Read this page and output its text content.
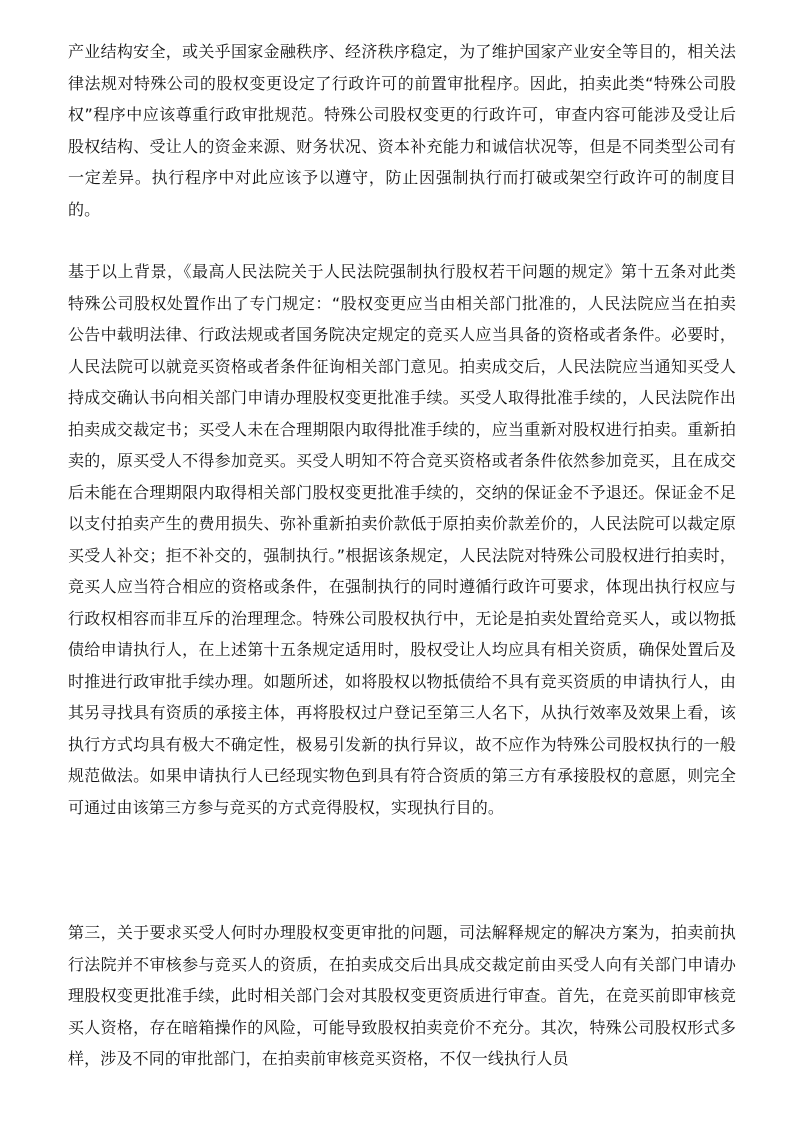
产业结构安全，或关乎国家金融秩序、经济秩序稳定，为了维护国家产业安全等目的，相关法律法规对特殊公司的股权变更设定了行政许可的前置审批程序。因此，拍卖此类“特殊公司股权”程序中应该尊重行政审批规范。特殊公司股权变更的行政许可，审查内容可能涉及受让后股权结构、受让人的资金来源、财务状况、资本补充能力和诚信状况等，但是不同类型公司有一定差异。执行程序中对此应该予以遵守，防止因强制执行而打破或架空行政许可的制度目的。

基于以上背景，《最高人民法院关于人民法院强制执行股权若干问题的规定》第十五条对此类特殊公司股权处置作出了专门规定：“股权变更应当由相关部门批准的，人民法院应当在拍卖公告中载明法律、行政法规或者国务院决定规定的竞买人应当具备的资格或者条件。必要时，人民法院可以就竞买资格或者条件征询相关部门意见。拍卖成交后，人民法院应当通知买受人持成交确认书向相关部门申请办理股权变更批准手续。买受人取得批准手续的，人民法院作出拍卖成交裁定书；买受人未在合理期限内取得批准手续的，应当重新对股权进行拍卖。重新拍卖的，原买受人不得参加竞买。买受人明知不符合竞买资格或者条件依然参加竞买，且在成交后未能在合理期限内取得相关部门股权变更批准手续的，交纳的保证金不予退还。保证金不足以支付拍卖产生的费用损失、弥补重新拍卖价款低于原拍卖价款差价的，人民法院可以裁定原买受人补交；拒不补交的，强制执行。”根据该条规定，人民法院对特殊公司股权进行拍卖时，竞买人应当符合相应的资格或条件，在强制执行的同时遵循行政许可要求，体现出执行权应与行政权相容而非互斥的治理理念。特殊公司股权执行中，无论是拍卖处置给竞买人，或以物抵债给申请执行人，在上述第十五条规定适用时，股权受让人均应具有相关资质，确保处置后及时推进行政审批手续办理。如题所述，如将股权以物抵债给不具有竞买资质的申请执行人，由其另寻找具有资质的承接主体，再将股权过户登记至第三人名下，从执行效率及效果上看，该执行方式均具有极大不确定性，极易引发新的执行异议，故不应作为特殊公司股权执行的一般规范做法。如果申请执行人已经现实物色到具有符合资质的第三方有承接股权的意愿，则完全可通过由该第三方参与竞买的方式竞得股权，实现执行目的。

第三，关于要求买受人何时办理股权变更审批的问题，司法解释规定的解决方案为，拍卖前执行法院并不审核参与竞买人的资质，在拍卖成交后出具成交裁定前由买受人向有关部门申请办理股权变更批准手续，此时相关部门会对其股权变更资质进行审查。首先，在竞买前即审核竞买人资格，存在暗箱操作的风险，可能导致股权拍卖竞价不充分。其次，特殊公司股权形式多样，涉及不同的审批部门，在拍卖前审核竞买资格，不仅一线执行人员
